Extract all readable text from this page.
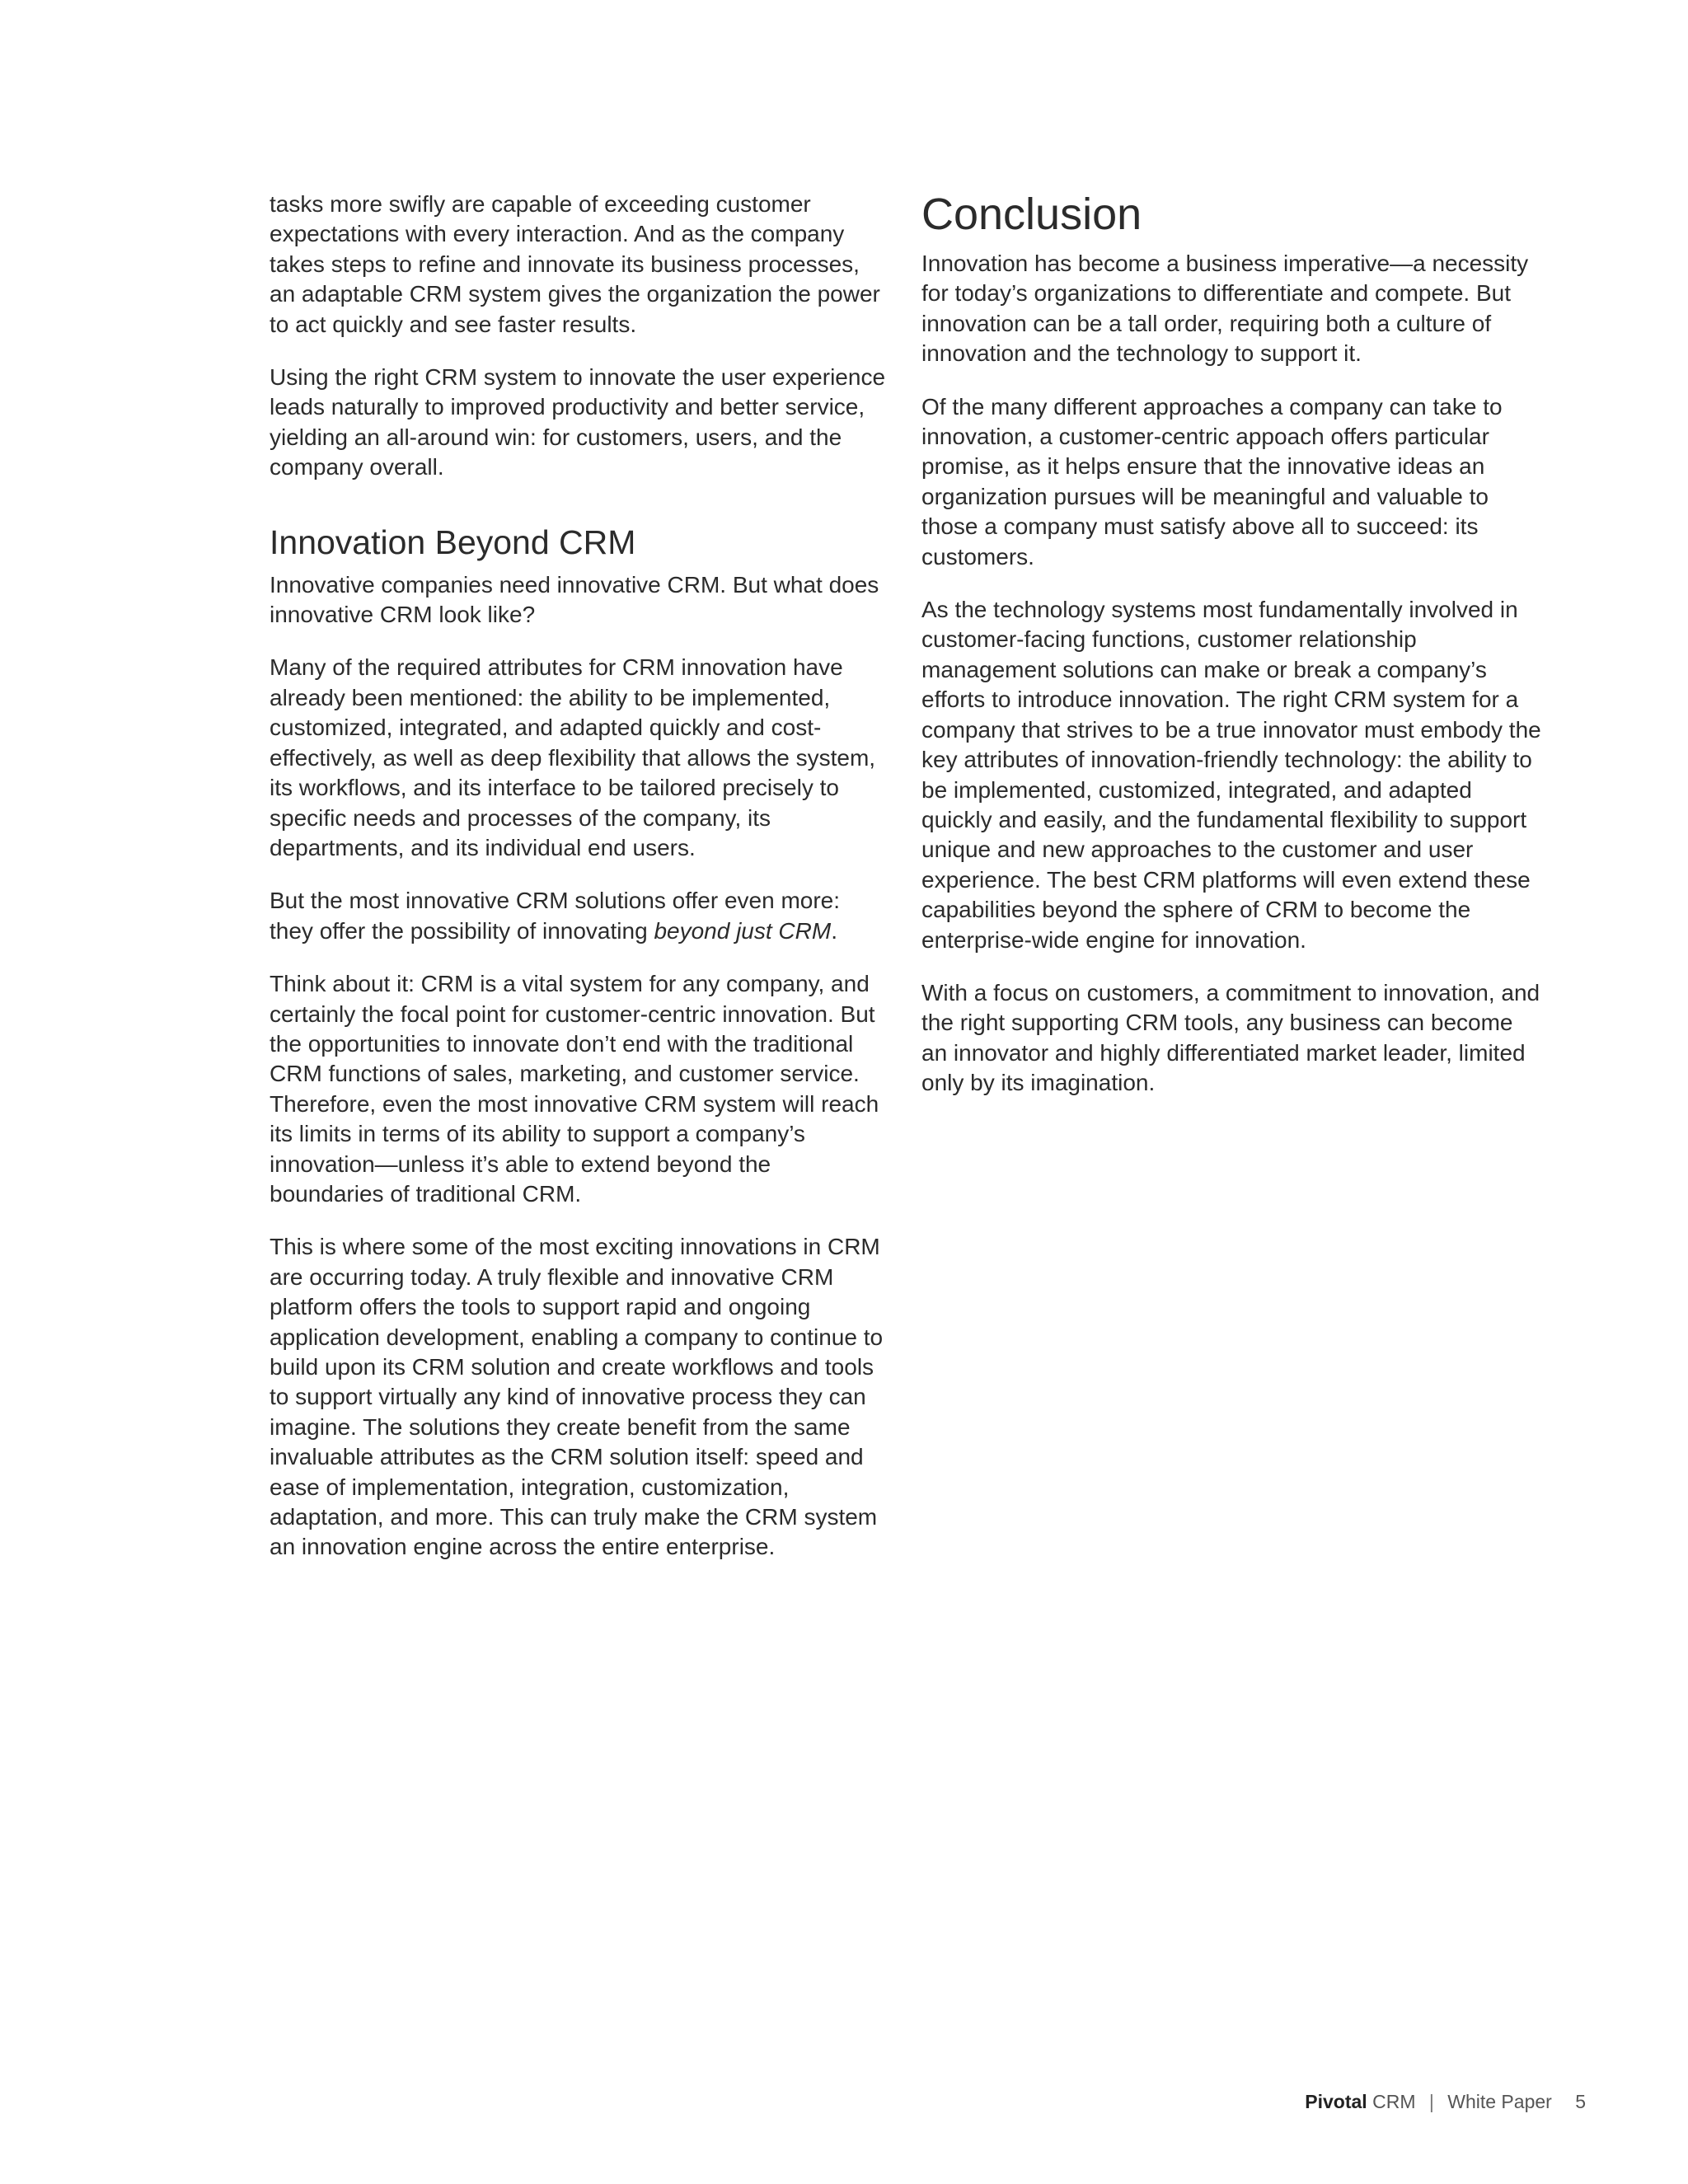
tasks more swifly are capable of exceeding customer expectations with every interaction. And as the company takes steps to refine and innovate its business processes, an adaptable CRM system gives the organization the power to act quickly and see faster results.

Using the right CRM system to innovate the user experience leads naturally to improved productivity and better service, yielding an all-around win: for customers, users, and the company overall.

Innovation Beyond CRM

Innovative companies need innovative CRM. But what does innovative CRM look like?

Many of the required attributes for CRM innovation have already been mentioned: the ability to be implemented, customized, integrated, and adapted quickly and cost-effectively, as well as deep flexibility that allows the system, its workflows, and its interface to be tailored precisely to specific needs and processes of the company, its departments, and its individual end users.

But the most innovative CRM solutions offer even more: they offer the possibility of innovating beyond just CRM.

Think about it: CRM is a vital system for any company, and certainly the focal point for customer-centric innovation. But the opportunities to innovate don’t end with the traditional CRM functions of sales, marketing, and customer service. Therefore, even the most innovative CRM system will reach its limits in terms of its ability to support a company’s innovation—unless it’s able to extend beyond the boundaries of traditional CRM.

This is where some of the most exciting innovations in CRM are occurring today. A truly flexible and innovative CRM platform offers the tools to support rapid and ongoing application development, enabling a company to continue to build upon its CRM solution and create workflows and tools to support virtually any kind of innovative process they can imagine. The solutions they create benefit from the same invaluable attributes as the CRM solution itself: speed and ease of implementation, integration, customization, adaptation, and more. This can truly make the CRM system an innovation engine across the entire enterprise.

Conclusion

Innovation has become a business imperative—a necessity for today’s organizations to differentiate and compete. But innovation can be a tall order, requiring both a culture of innovation and the technology to support it.

Of the many different approaches a company can take to innovation, a customer-centric appoach offers particular promise, as it helps ensure that the innovative ideas an organization pursues will be meaningful and valuable to those a company must satisfy above all to succeed: its customers.

As the technology systems most fundamentally involved in customer-facing functions, customer relationship management solutions can make or break a company’s efforts to introduce innovation. The right CRM system for a company that strives to be a true innovator must embody the key attributes of innovation-friendly technology: the ability to be implemented, customized, integrated, and adapted quickly and easily, and the fundamental flexibility to support unique and new approaches to the customer and user experience. The best CRM platforms will even extend these capabilities beyond the sphere of CRM to become the enterprise-wide engine for innovation.

With a focus on customers, a commitment to innovation, and the right supporting CRM tools, any business can become an innovator and highly differentiated market leader, limited only by its imagination.

Pivotal CRM | White Paper 5
